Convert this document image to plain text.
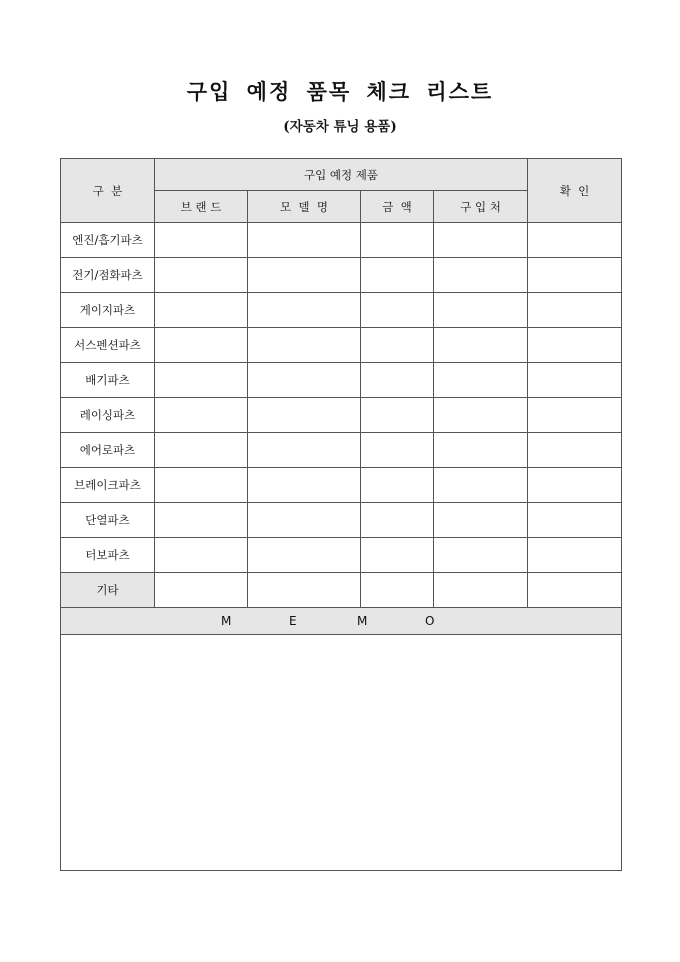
구입 예정 품목 체크 리스트
(자동차 튜닝 용품)
구  분	구입 예정 제품				확  인
	브 랜 드	모  델  명	금  액	구 입 처	
엔진/흡기파츠					
전기/점화파츠					
게이지파츠					
서스펜션파츠					
배기파츠					
레이싱파츠					
에어로파츠					
브레이크파츠					
단열파츠					
터보파츠					
기타					
M E M O					
